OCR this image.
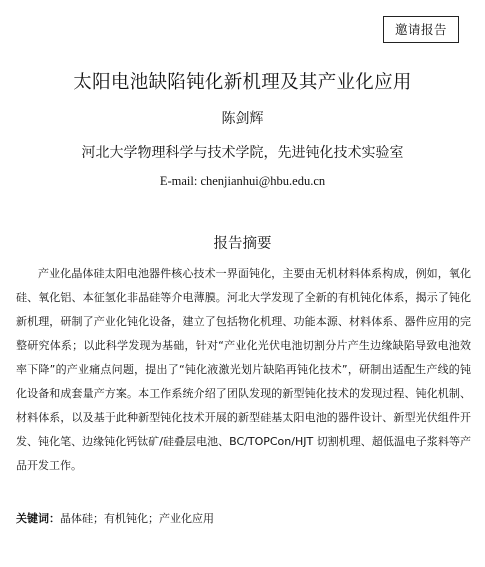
邀请报告
太阳电池缺陷钝化新机理及其产业化应用
陈剑辉
河北大学物理科学与技术学院，先进钝化技术实验室
E-mail: chenjianhui@hbu.edu.cn
报告摘要
产业化晶体硅太阳电池器件核心技术一界面钝化，主要由无机材料体系构成，例如，氧化硅、氧化铝、本征氢化非晶硅等介电薄膜。河北大学发现了全新的有机钝化体系，揭示了钝化新机理，研制了产业化钝化设备，建立了包括物化机理、功能本源、材料体系、器件应用的完整研究体系；以此科学发现为基础，针对“产业化光伏电池切割分片产生边缘缺陷导致电池效率下降”的产业痛点问题，提出了“钝化液激光划片缺陷再钝化技术”，研制出适配生产线的钝化设备和成套量产方案。本工作系统介绍了团队发现的新型钝化技术的发现过程、钝化机制、材料体系，以及基于此种新型钝化技术开展的新型硅基太阳电池的器件设计、新型光伏组件开发、钝化笔、边缘钝化钙钛矿/硅叠层电池、BC/TOPCon/HJT 切割机理、超低温电子浆料等产品开发工作。
关键词：晶体硅；有机钝化；产业化应用
